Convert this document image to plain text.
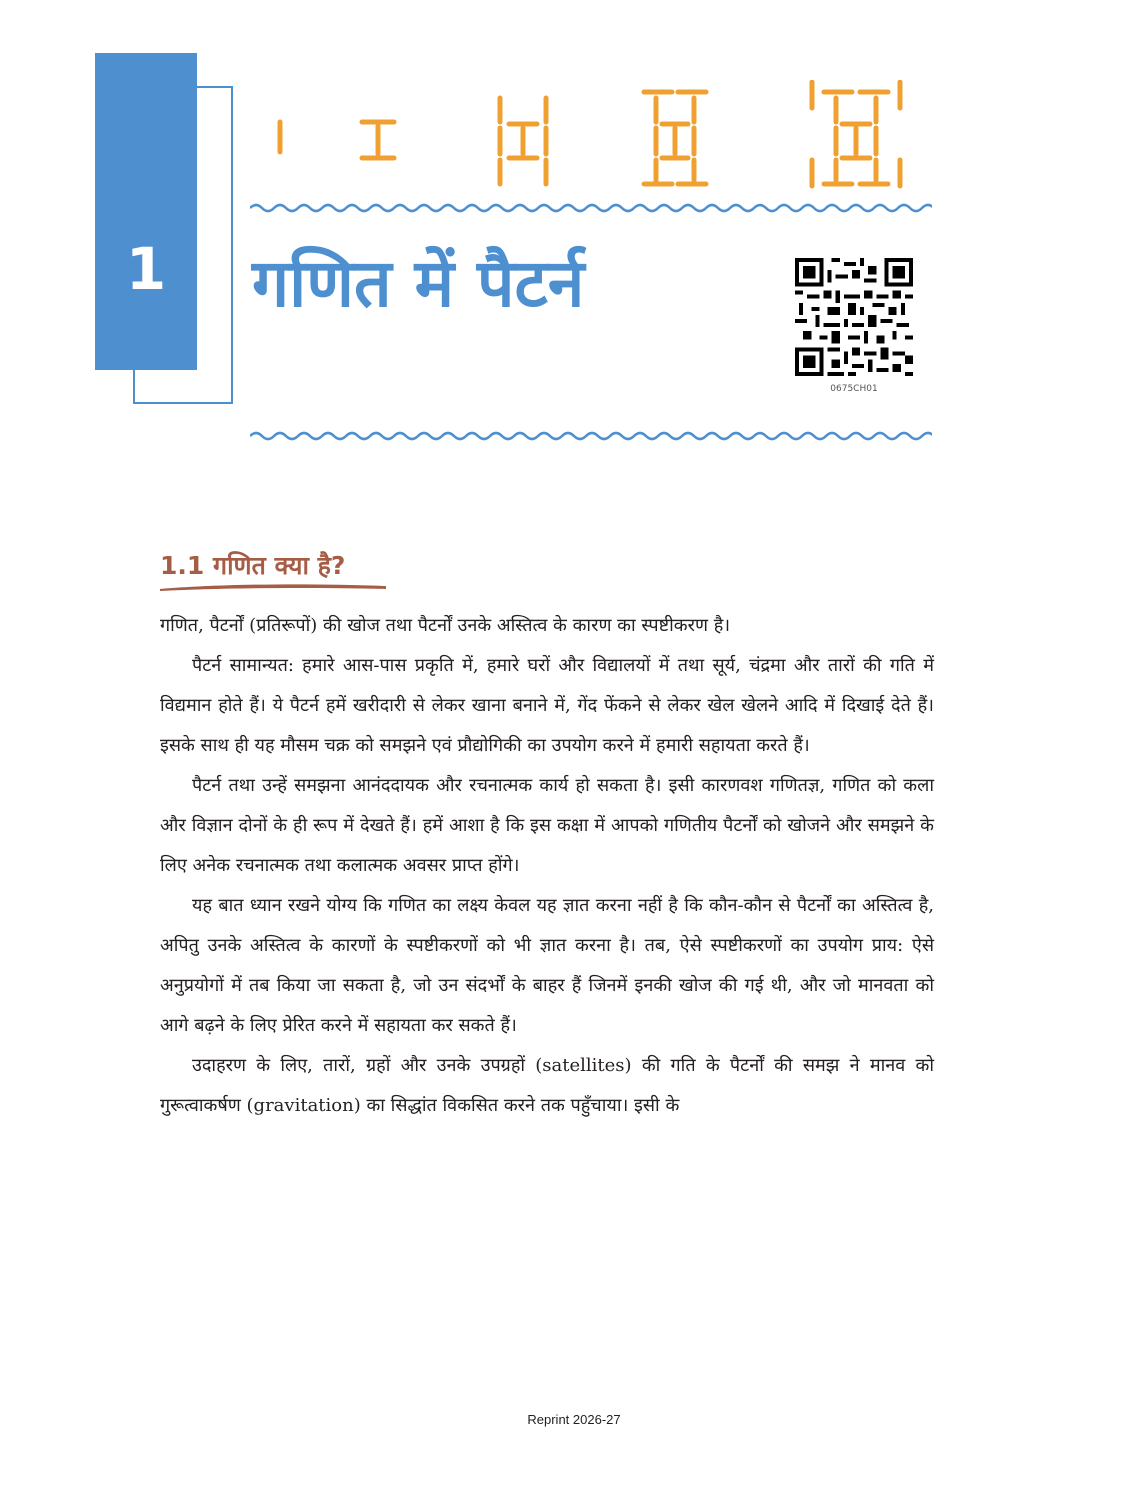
1	गणित में पैटर्न
0675CH01
1.1 गणित क्या है?

गणित, पैटर्नों (प्रतिरूपों) की खोज तथा पैटर्नों उनके अस्तित्व के कारण का स्पष्टीकरण है।

पैटर्न सामान्यत: हमारे आस-पास प्रकृति में, हमारे घरों और विद्यालयों में तथा सूर्य, चंद्रमा और तारों की गति में विद्यमान होते हैं। ये पैटर्न हमें खरीदारी से लेकर खाना बनाने में, गेंद फेंकने से लेकर खेल खेलने आदि में दिखाई देते हैं। इसके साथ ही यह मौसम चक्र को समझने एवं प्रौद्योगिकी का उपयोग करने में हमारी सहायता करते हैं।

पैटर्न तथा उन्हें समझना आनंददायक और रचनात्मक कार्य हो सकता है। इसी कारणवश गणितज्ञ, गणित को कला और विज्ञान दोनों के ही रूप में देखते हैं। हमें आशा है कि इस कक्षा में आपको गणितीय पैटर्नों को खोजने और समझने के लिए अनेक रचनात्मक तथा कलात्मक अवसर प्राप्त होंगे।

यह बात ध्यान रखने योग्य कि गणित का लक्ष्य केवल यह ज्ञात करना नहीं है कि कौन-कौन से पैटर्नों का अस्तित्व है, अपितु उनके अस्तित्व के कारणों के स्पष्टीकरणों को भी ज्ञात करना है। तब, ऐसे स्पष्टीकरणों का उपयोग प्राय: ऐसे अनुप्रयोगों में तब किया जा सकता है, जो उन संदर्भों के बाहर हैं जिनमें इनकी खोज की गई थी, और जो मानवता को आगे बढ़ने के लिए प्रेरित करने में सहायता कर सकते हैं।

उदाहरण के लिए, तारों, ग्रहों और उनके उपग्रहों (satellites) की गति के पैटर्नों की समझ ने मानव को गुरूत्वाकर्षण (gravitation) का सिद्धांत विकसित करने तक पहुँचाया। इसी के

Reprint 2026-27
